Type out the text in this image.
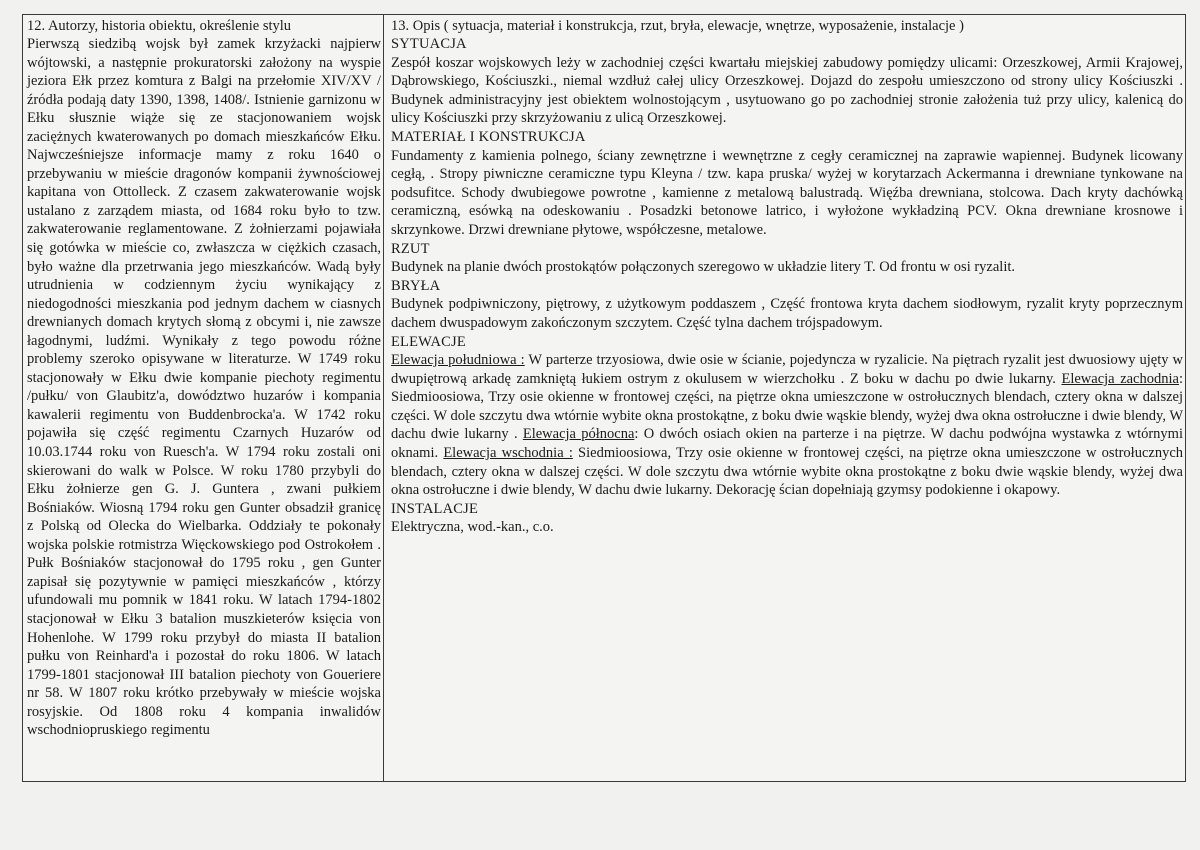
12. Autorzy, historia obiektu, określenie stylu
Pierwszą siedzibą wojsk był zamek krzyżacki najpierw wójtowski, a następnie prokuratorski założony na wyspie jeziora Ełk przez komtura z Balgi na przełomie XIV/XV / źródła podają daty 1390, 1398, 1408/. Istnienie garnizonu w Ełku słusznie wiąże się ze stacjonowaniem wojsk zaciężnych kwaterowanych po domach mieszkańców Ełku. Najwcześniejsze informacje mamy z roku 1640 o przebywaniu w mieście dragonów kompanii żywnościowej kapitana von Ottolleck. Z czasem zakwaterowanie wojsk ustalano z zarządem miasta, od 1684 roku było to tzw. zakwaterowanie reglamentowane. Z żołnierzami pojawiała się gotówka w mieście co, zwłaszcza w ciężkich czasach, było ważne dla przetrwania jego mieszkańców. Wadą były utrudnienia w codziennym życiu wynikający z niedogodności mieszkania pod jednym dachem w ciasnych drewnianych domach krytych słomą z obcymi i, nie zawsze łagodnymi, ludźmi. Wynikały z tego powodu różne problemy szeroko opisywane w literaturze. W 1749 roku stacjonowały w Ełku dwie kompanie piechoty regimentu /pułku/ von Glaubitz'a, dowództwo huzarów i kompania kawalerii regimentu von Buddenbrocka'a. W 1742 roku pojawiła się część regimentu Czarnych Huzarów od 10.03.1744 roku von Ruesch'a. W 1794 roku zostali oni skierowani do walk w Polsce. W roku 1780 przybyli do Ełku żołnierze gen G. J. Guntera , zwani pułkiem Bośniaków. Wiosną 1794 roku gen Gunter obsadził granicę z Polską od Olecka do Wielbarka. Oddziały te pokonały wojska polskie rotmistrza Więckowskiego pod Ostrokołem . Pułk Bośniaków stacjonował do 1795 roku , gen Gunter zapisał się pozytywnie w pamięci mieszkańców , którzy ufundowali mu pomnik w 1841 roku. W latach 1794-1802 stacjonował w Ełku 3 batalion muszkieterów księcia von Hohenlohe. W 1799 roku przybył do miasta II batalion pułku von Reinhard'a i pozostał do roku 1806. W latach 1799-1801 stacjonował III batalion piechoty von Goueriere nr 58. W 1807 roku krótko przebywały w mieście wojska rosyjskie. Od 1808 roku 4 kompania inwalidów wschodniopruskiego regimentu
13. Opis ( sytuacja, materiał i konstrukcja, rzut, bryła, elewacje, wnętrze, wyposażenie, instalacje )
SYTUACJA
Zespół koszar wojskowych leży w zachodniej części kwartału miejskiej zabudowy pomiędzy ulicami: Orzeszkowej, Armii Krajowej, Dąbrowskiego, Kościuszki., niemal wzdłuż całej ulicy Orzeszkowej. Dojazd do zespołu umieszczono od strony ulicy Kościuszki . Budynek administracyjny jest obiektem wolnostojącym , usytuowano go po zachodniej stronie założenia tuż przy ulicy, kalenicą do ulicy Kościuszki przy skrzyżowaniu z ulicą Orzeszkowej.
MATERIAŁ I KONSTRUKCJA
Fundamenty z kamienia polnego, ściany zewnętrzne i wewnętrzne z cegły ceramicznej na zaprawie wapiennej. Budynek licowany cegłą, . Stropy piwniczne ceramiczne typu Kleyna / tzw. kapa pruska/ wyżej w korytarzach Ackermanna i drewniane tynkowane na podsufitce. Schody dwubiegowe powrotne , kamienne z metalową balustradą. Więźba drewniana, stolcowa. Dach kryty dachówką ceramiczną, esówką na odeskowaniu . Posadzki betonowe latrico, i wyłożone wykładziną PCV. Okna drewniane krosnowe i skrzynkowe. Drzwi drewniane płytowe, współczesne, metalowe.
RZUT
Budynek na planie dwóch prostokątów połączonych szeregowo w układzie litery T. Od frontu w osi ryzalit.
BRYŁA
Budynek podpiwniczony, piętrowy, z użytkowym poddaszem , Część frontowa kryta dachem siodłowym, ryzalit kryty poprzecznym dachem dwuspadowym zakończonym szczytem. Część tylna dachem trójspadowym.
ELEWACJE
Elewacja południowa : W parterze trzyosiowa, dwie osie w ścianie, pojedyncza w ryzalicie. Na piętrach ryzalit jest dwuosiowy ujęty w dwupiętrową arkadę zamkniętą łukiem ostrym z okulusem w wierzchołku . Z boku w dachu po dwie lukarny. Elewacja zachodnia: Siedmioosiowa, Trzy osie okienne w frontowej części, na piętrze okna umieszczone w ostrołucznych blendach, cztery okna w dalszej części. W dole szczytu dwa wtórnie wybite okna prostokątne, z boku dwie wąskie blendy, wyżej dwa okna ostrołuczne i dwie blendy, W dachu dwie lukarny . Elewacja północna: O dwóch osiach okien na parterze i na piętrze. W dachu podwójna wystawka z wtórnymi oknami. Elewacja wschodnia : Siedmioosiowa, Trzy osie okienne w frontowej części, na piętrze okna umieszczone w ostrołucznych blendach, cztery okna w dalszej części. W dole szczytu dwa wtórnie wybite okna prostokątne z boku dwie wąskie blendy, wyżej dwa okna ostrołuczne i dwie blendy, W dachu dwie lukarny. Dekorację ścian dopełniają gzymsy podokienne i okapowy.
INSTALACJE
Elektryczna, wod.-kan., c.o.
